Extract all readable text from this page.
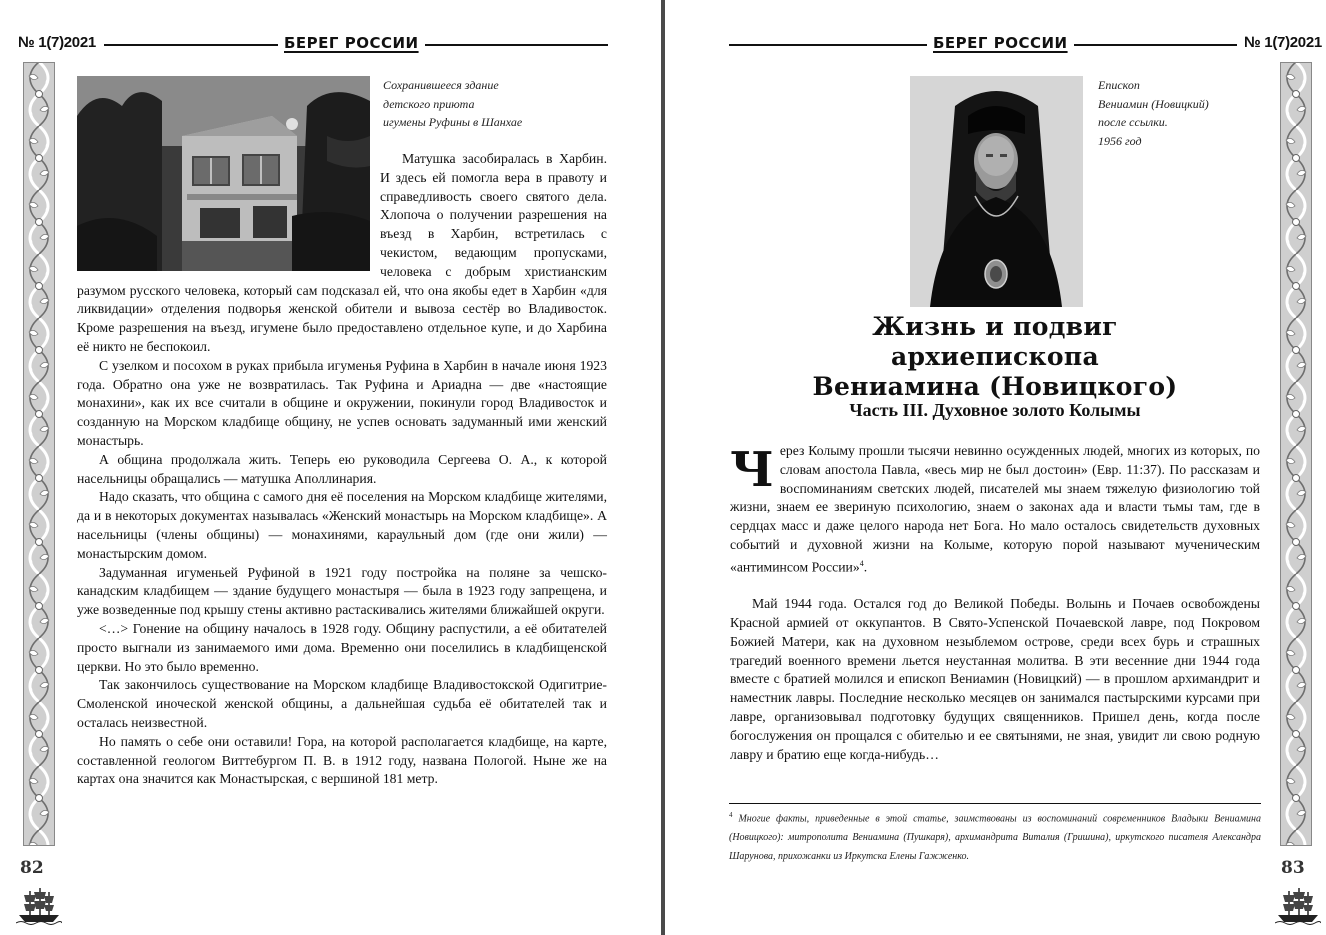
№ 1(7)2021	БЕРЕГ РОССИИ
Сохранившееся здание
детского приюта
игумены Руфины в Шанхае

Матушка засобиралась в Харбин. И здесь ей помогла вера в правоту и справедливость своего святого дела. Хлопоча о получении разрешения на въезд в Харбин, встретилась с чекистом, ведающим пропусками, человека с добрым христианским разумом русского человека, который сам подсказал ей, что она якобы едет в Харбин «для ликвидации» отделения подворья женской обители и вывоза сестёр во Владивосток. Кроме разрешения на въезд, игумене было предоставлено отдельное купе, и до Харбина её никто не беспокоил.

С узелком и посохом в руках прибыла игуменья Руфина в Харбин в начале июня 1923 года. Обратно она уже не возвратилась. Так Руфина и Ариадна — две «настоящие монахини», как их все считали в общине и окружении, покинули город Владивосток и созданную на Морском кладбище общину, не успев основать задуманный ими женский монастырь.

А община продолжала жить. Теперь ею руководила Сергеева О. А., к которой насельницы обращались — матушка Аполлинария.

Надо сказать, что община с самого дня её поселения на Морском кладбище жителями, да и в некоторых документах называлась «Женский монастырь на Морском кладбище». А насельницы (члены общины) — монахинями, караульный дом (где они жили) — монастырским домом.

Задуманная игуменьей Руфиной в 1921 году постройка на поляне за чешско-канадским кладбищем — здание будущего монастыря — была в 1923 году запрещена, и уже возведенные под крышу стены активно растаскивались жителями ближайшей округи.

<…> Гонение на общину началось в 1928 году. Общину распустили, а её обитателей просто выгнали из занимаемого ими дома. Временно они поселились в кладбищенской церкви. Но это было временно.

Так закончилось существование на Морском кладбище Владивостокской Одигитрие-Смоленской иноческой женской общины, а дальнейшая судьба её обитателей так и осталась неизвестной.

Но память о себе они оставили! Гора, на которой располагается кладбище, на карте, составленной геологом Виттебургом П. В. в 1912 году, названа Пологой. Ныне же на картах она значится как Монастырская, с вершиной 181 метр.

82
БЕРЕГ РОССИИ	№ 1(7)2021
Епископ
Вениамин (Новицкий)
после ссылки.
1956 год
Жизнь и подвиг архиепископа
Вениамина (Новицкого)
Часть III. Духовное золото Колымы

Через Колыму прошли тысячи невинно осужденных людей, многих из которых, по словам апостола Павла, «весь мир не был достоин» (Евр. 11:37). По рассказам и воспоминаниям светских людей, писателей мы знаем тяжелую физиологию той жизни, знаем ее звериную психологию, знаем о законах ада и власти тьмы там, где в сердцах масс и даже целого народа нет Бога. Но мало осталось свидетельств духовных событий и духовной жизни на Колыме, которую порой называют мученическим «антиминсом России»$^4$.

Май 1944 года. Остался год до Великой Победы. Волынь и Почаев освобождены Красной армией от оккупантов. В Свято-Успенской Почаевской лавре, под Покровом Божией Матери, как на духовном незыблемом острове, среди всех бурь и страшных трагедий военного времени льется неустанная молитва. В эти весенние дни 1944 года вместе с братией молился и епископ Вениамин (Новицкий) — в прошлом архимандрит и наместник лавры. Последние несколько месяцев он занимался пастырскими курсами при лавре, организовывал подготовку будущих священников. Пришел день, когда после богослужения он прощался с обителью и ее святынями, не зная, увидит ли свою родную лавру и братию еще когда-нибудь…

$^4$ Многие факты, приведенные в этой статье, заимствованы из воспоминаний современников Владыки Вениамина (Новицкого): митрополита Вениамина (Пушкаря), архимандрита Виталия (Гришина), иркутского писателя Александра Шарунова, прихожанки из Иркутска Елены Гажженко.
83
